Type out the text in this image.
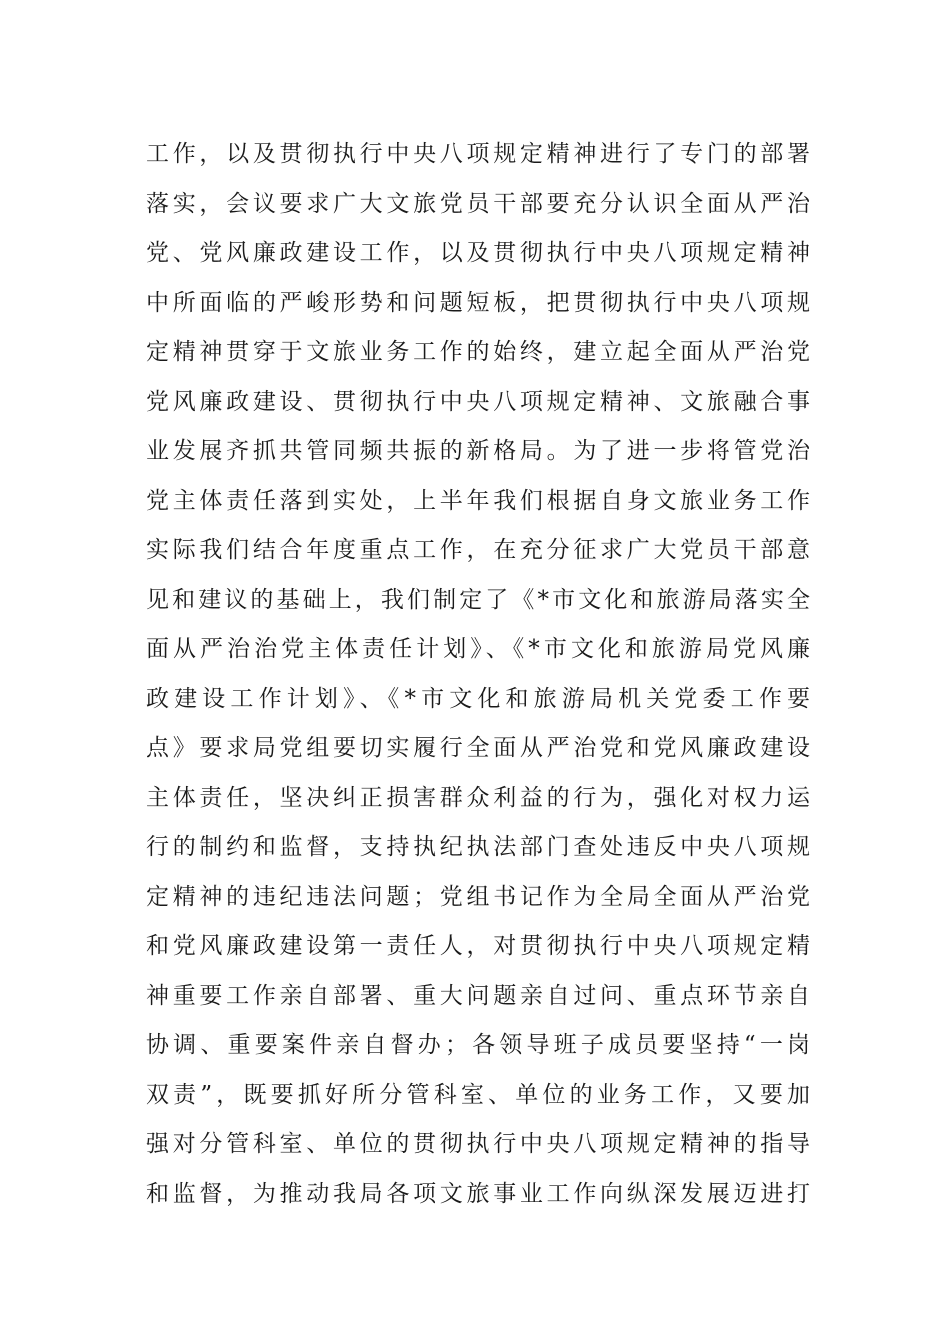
工作，以及贯彻执行中央八项规定精神进行了专门的部署
落实，会议要求广大文旅党员干部要充分认识全面从严治
党、党风廉政建设工作，以及贯彻执行中央八项规定精神
中所面临的严峻形势和问题短板，把贯彻执行中央八项规
定精神贯穿于文旅业务工作的始终，建立起全面从严治党
党风廉政建设、贯彻执行中央八项规定精神、文旅融合事
业发展齐抓共管同频共振的新格局。为了进一步将管党治
党主体责任落到实处，上半年我们根据自身文旅业务工作
实际我们结合年度重点工作，在充分征求广大党员干部意
见和建议的基础上，我们制定了《*市文化和旅游局落实全
面从严治治党主体责任计划》、《*市文化和旅游局党风廉
政建设工作计划》、《*市文化和旅游局机关党委工作要
点》要求局党组要切实履行全面从严治党和党风廉政建设
主体责任，坚决纠正损害群众利益的行为，强化对权力运
行的制约和监督，支持执纪执法部门查处违反中央八项规
定精神的违纪违法问题；党组书记作为全局全面从严治党
和党风廉政建设第一责任人，对贯彻执行中央八项规定精
神重要工作亲自部署、重大问题亲自过问、重点环节亲自
协调、重要案件亲自督办；各领导班子成员要坚持“一岗
双责”，既要抓好所分管科室、单位的业务工作，又要加
强对分管科室、单位的贯彻执行中央八项规定精神的指导
和监督，为推动我局各项文旅事业工作向纵深发展迈进打
